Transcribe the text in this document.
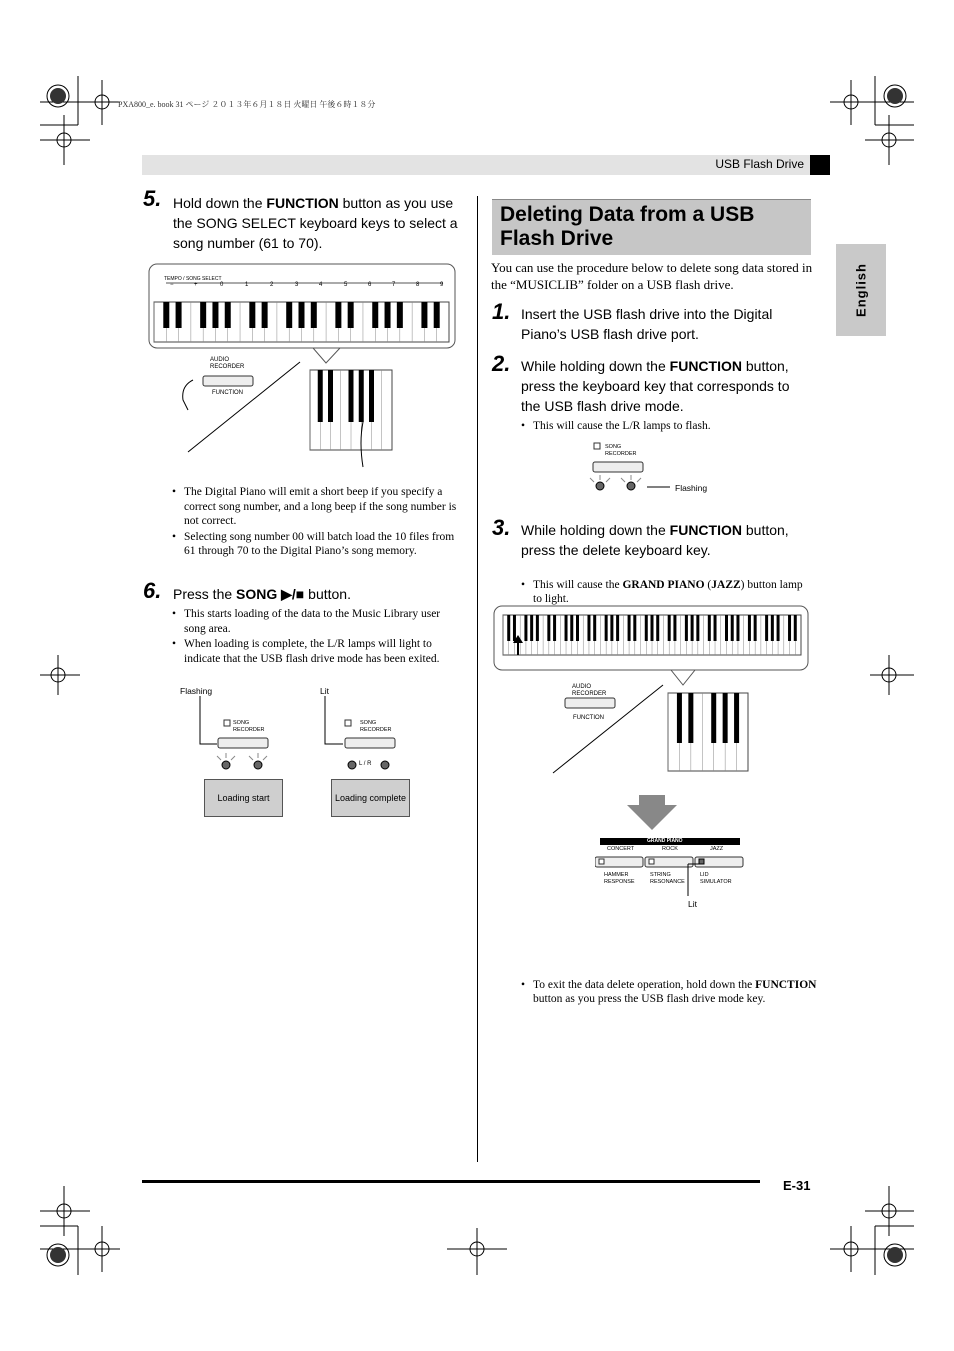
PXA800_e. book 31 ページ ２０１３年６月１８日 火曜日 午後６時１８分
USB Flash Drive
English
5. Hold down the FUNCTION button as you use the SONG SELECT keyboard keys to select a song number (61 to 70).
TEMPO / SONG SELECT
−	+	0	1	2	3	4	5	6	7	8	9
AUDIO
RECORDER
FUNCTION
• The Digital Piano will emit a short beep if you specify a correct song number, and a long beep if the song number is not correct.
• Selecting song number 00 will batch load the 10 files from 61 through 70 to the Digital Piano’s song memory.
6. Press the SONG ▶/■ button.
• This starts loading of the data to the Music Library user song area.
• When loading is complete, the L/R lamps will light to indicate that the USB flash drive mode has been exited.
Flashing	Lit
SONG
RECORDER
SONG
RECORDER
L / R
Loading start	Loading complete
Deleting Data from a USB Flash Drive
You can use the procedure below to delete song data stored in the “MUSICLIB” folder on a USB flash drive.
1. Insert the USB flash drive into the Digital Piano’s USB flash drive port.
2. While holding down the FUNCTION button, press the keyboard key that corresponds to the USB flash drive mode.
• This will cause the L/R lamps to flash.
SONG
RECORDER
Flashing
3. While holding down the FUNCTION button, press the delete keyboard key.
• This will cause the GRAND PIANO (JAZZ) button lamp to light.
AUDIO
RECORDER
FUNCTION
GRAND PIANO
CONCERT	ROCK	JAZZ
HAMMER
RESPONSE
STRING
RESONANCE
LID
SIMULATOR
Lit
• To exit the data delete operation, hold down the FUNCTION button as you press the USB flash drive mode key.
E-31
